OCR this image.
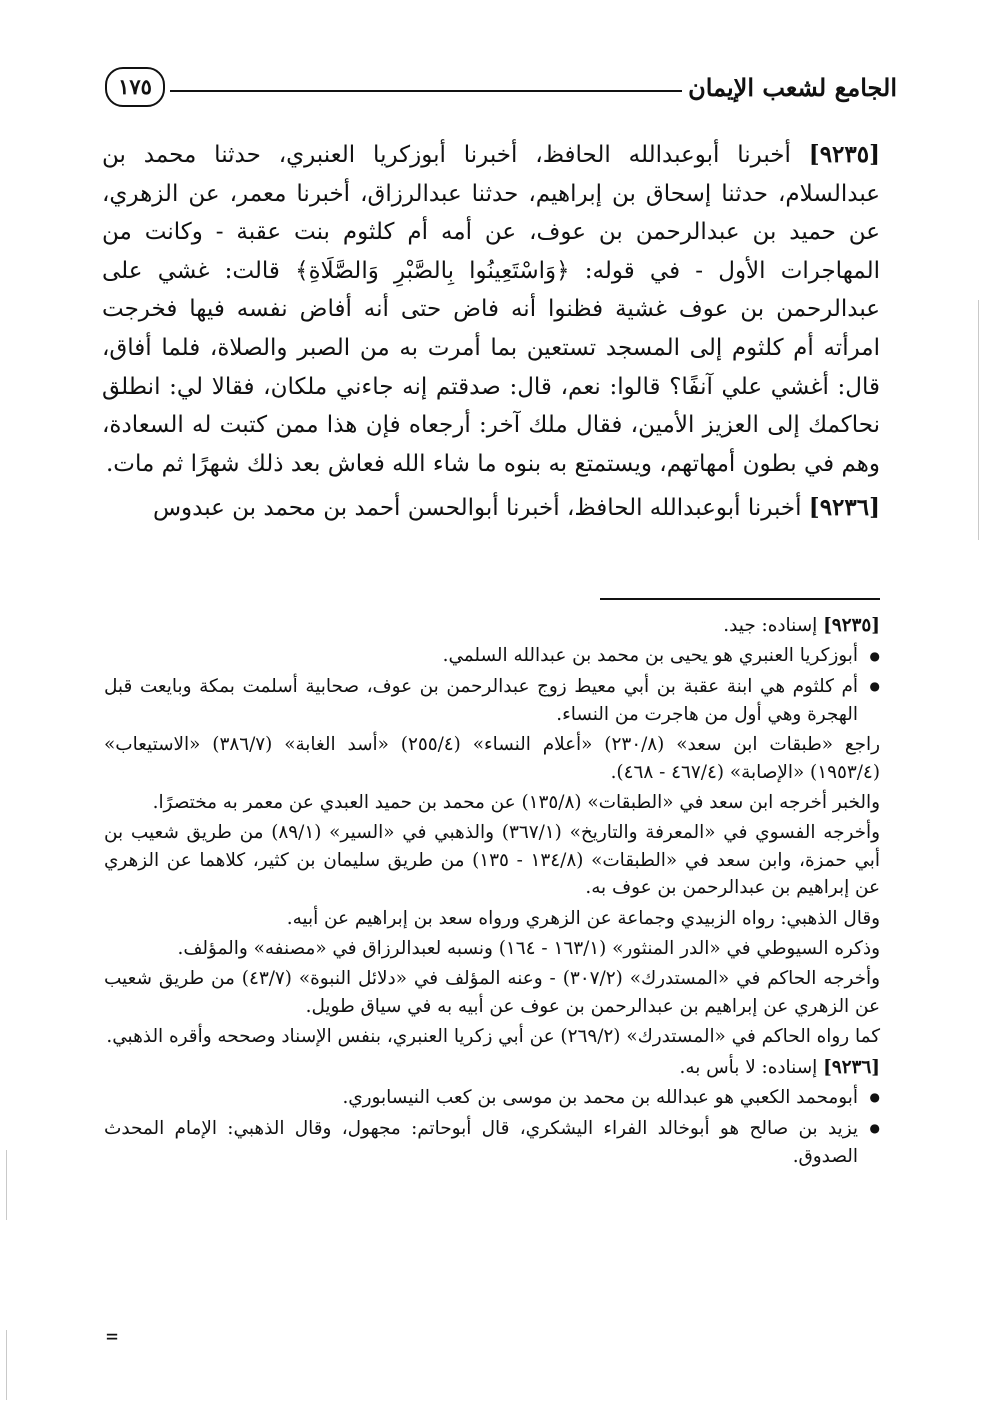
الجامع لشعب الإيمان
١٧٥

[٩٢٣٥] أخبرنا أبوعبدالله الحافظ، أخبرنا أبوزكريا العنبري، حدثنا محمد بن عبدالسلام، حدثنا إسحاق بن إبراهيم، حدثنا عبدالرزاق، أخبرنا معمر، عن الزهري، عن حميد بن عبدالرحمن بن عوف، عن أمه أم كلثوم بنت عقبة - وكانت من المهاجرات الأول - في قوله: ﴿وَاسْتَعِينُوا بِالصَّبْرِ وَالصَّلَاةِ﴾ قالت: غشي على عبدالرحمن بن عوف غشية فظنوا أنه فاض حتى أنه أفاض نفسه فيها فخرجت امرأته أم كلثوم إلى المسجد تستعين بما أمرت به من الصبر والصلاة، فلما أفاق، قال: أغشي علي آنفًا؟ قالوا: نعم، قال: صدقتم إنه جاءني ملكان، فقالا لي: انطلق نحاكمك إلى العزيز الأمين، فقال ملك آخر: أرجعاه فإن هذا ممن كتبت له السعادة، وهم في بطون أمهاتهم، ويستمتع به بنوه ما شاء الله فعاش بعد ذلك شهرًا ثم مات.

[٩٢٣٦] أخبرنا أبوعبدالله الحافظ، أخبرنا أبوالحسن أحمد بن محمد بن عبدوس

[٩٢٣٥] إسناده: جيد.

● أبوزكريا العنبري هو يحيى بن محمد بن عبدالله السلمي.

● أم كلثوم هي ابنة عقبة بن أبي معيط زوج عبدالرحمن بن عوف، صحابية أسلمت بمكة وبايعت قبل الهجرة وهي أول من هاجرت من النساء.

راجع «طبقات ابن سعد» (٢٣٠/٨) «أعلام النساء» (٢٥٥/٤) «أسد الغابة» (٣٨٦/٧) «الاستيعاب» (١٩٥٣/٤) «الإصابة» (٤٦٧/٤ - ٤٦٨).

والخبر أخرجه ابن سعد في «الطبقات» (١٣٥/٨) عن محمد بن حميد العبدي عن معمر به مختصرًا.

وأخرجه الفسوي في «المعرفة والتاريخ» (٣٦٧/١) والذهبي في «السير» (٨٩/١) من طريق شعيب بن أبي حمزة، وابن سعد في «الطبقات» (١٣٤/٨ - ١٣٥) من طريق سليمان بن كثير، كلاهما عن الزهري عن إبراهيم بن عبدالرحمن بن عوف به.

وقال الذهبي: رواه الزبيدي وجماعة عن الزهري ورواه سعد بن إبراهيم عن أبيه.

وذكره السيوطي في «الدر المنثور» (١٦٣/١ - ١٦٤) ونسبه لعبدالرزاق في «مصنفه» والمؤلف.

وأخرجه الحاكم في «المستدرك» (٣٠٧/٢) - وعنه المؤلف في «دلائل النبوة» (٤٣/٧) من طريق شعيب عن الزهري عن إبراهيم بن عبدالرحمن بن عوف عن أبيه به في سياق طويل.

كما رواه الحاكم في «المستدرك» (٢٦٩/٢) عن أبي زكريا العنبري، بنفس الإسناد وصححه وأقره الذهبي.

[٩٢٣٦] إسناده: لا بأس به.

● أبومحمد الكعبي هو عبدالله بن محمد بن موسى بن كعب النيسابوري.

● يزيد بن صالح هو أبوخالد الفراء اليشكري، قال أبوحاتم: مجهول، وقال الذهبي: الإمام المحدث الصدوق.

=
